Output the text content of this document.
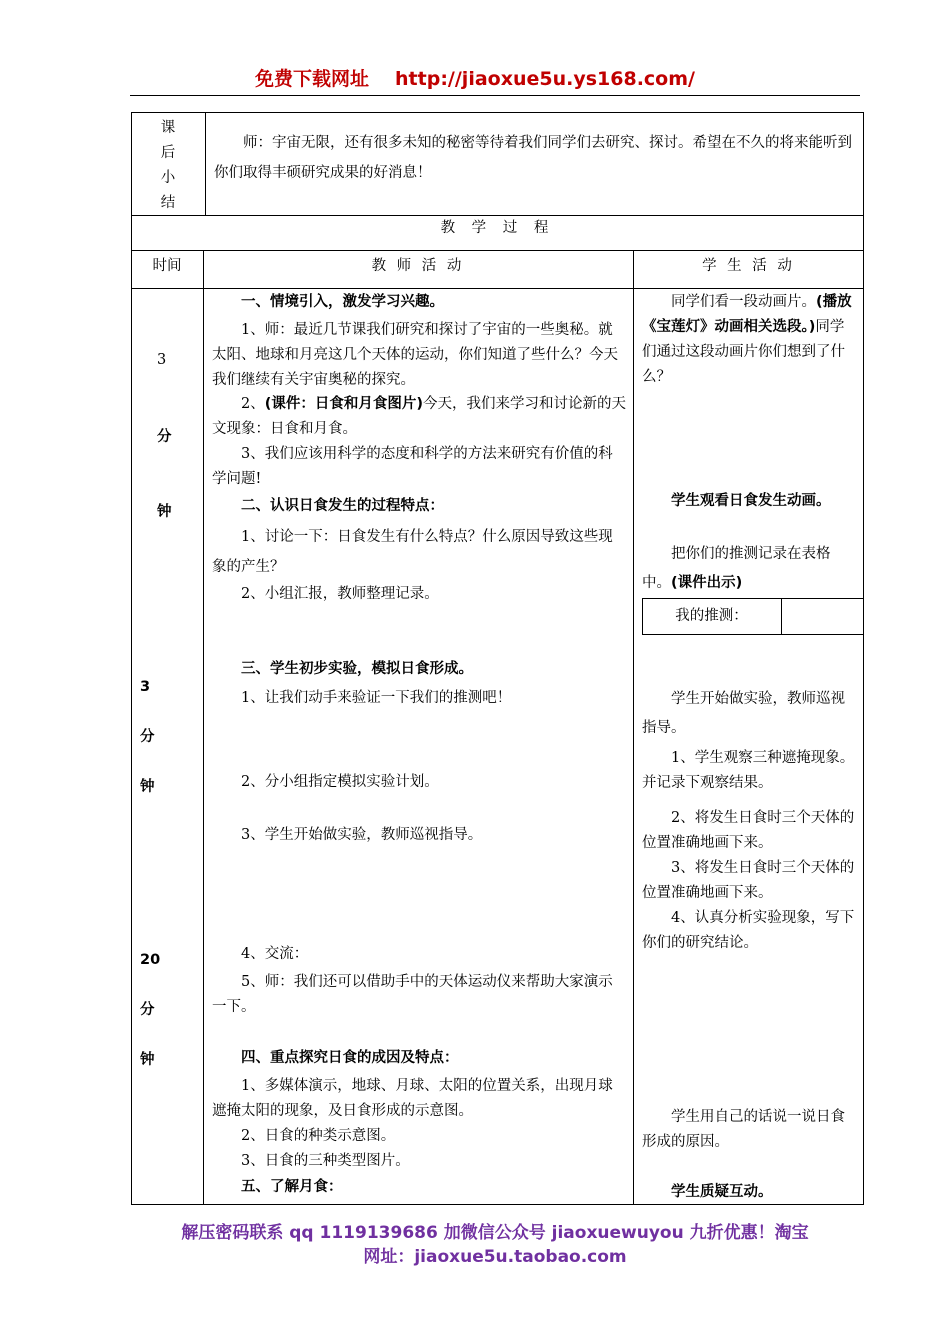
免费下载网址 http://jiaoxue5u.ys168.com/
课
后
小
结
师：宇宙无限，还有很多未知的秘密等待着我们同学们去研究、探讨。希望在不久的将来能听到你们取得丰硕研究成果的好消息！
教 学 过 程
时间	教 师 活 动	学 生 活 动
3
分
钟
3
分
钟
20
分
钟
一、情境引入，激发学习兴趣。
1、师：最近几节课我们研究和探讨了宇宙的一些奥秘。就太阳、地球和月亮这几个天体的运动，你们知道了些什么？今天我们继续有关宇宙奥秘的探究。
2、(课件：日食和月食图片)今天，我们来学习和讨论新的天文现象：日食和月食。
3、我们应该用科学的态度和科学的方法来研究有价值的科学问题!
二、认识日食发生的过程特点：
1、讨论一下：日食发生有什么特点？什么原因导致这些现象的产生？
2、小组汇报，教师整理记录。
三、学生初步实验，模拟日食形成。
1、让我们动手来验证一下我们的推测吧！
2、分小组指定模拟实验计划。
3、学生开始做实验，教师巡视指导。
4、交流：
5、师：我们还可以借助手中的天体运动仪来帮助大家演示一下。
四、重点探究日食的成因及特点：
1、多媒体演示，地球、月球、太阳的位置关系，出现月球遮掩太阳的现象，及日食形成的示意图。
2、日食的种类示意图。
3、日食的三种类型图片。
五、了解月食：
同学们看一段动画片。(播放《宝莲灯》动画相关选段。)同学们通过这段动画片你们想到了什么？
学生观看日食发生动画。
把你们的推测记录在表格中。(课件出示)
我的推测：
学生开始做实验，教师巡视指导。
1、学生观察三种遮掩现象。并记录下观察结果。
2、将发生日食时三个天体的位置准确地画下来。
3、将发生日食时三个天体的位置准确地画下来。
4、认真分析实验现象，写下你们的研究结论。
学生用自己的话说一说日食形成的原因。
学生质疑互动。
解压密码联系 qq 1119139686 加微信公众号 jiaoxuewuyou 九折优惠！淘宝
网址：jiaoxue5u.taobao.com
